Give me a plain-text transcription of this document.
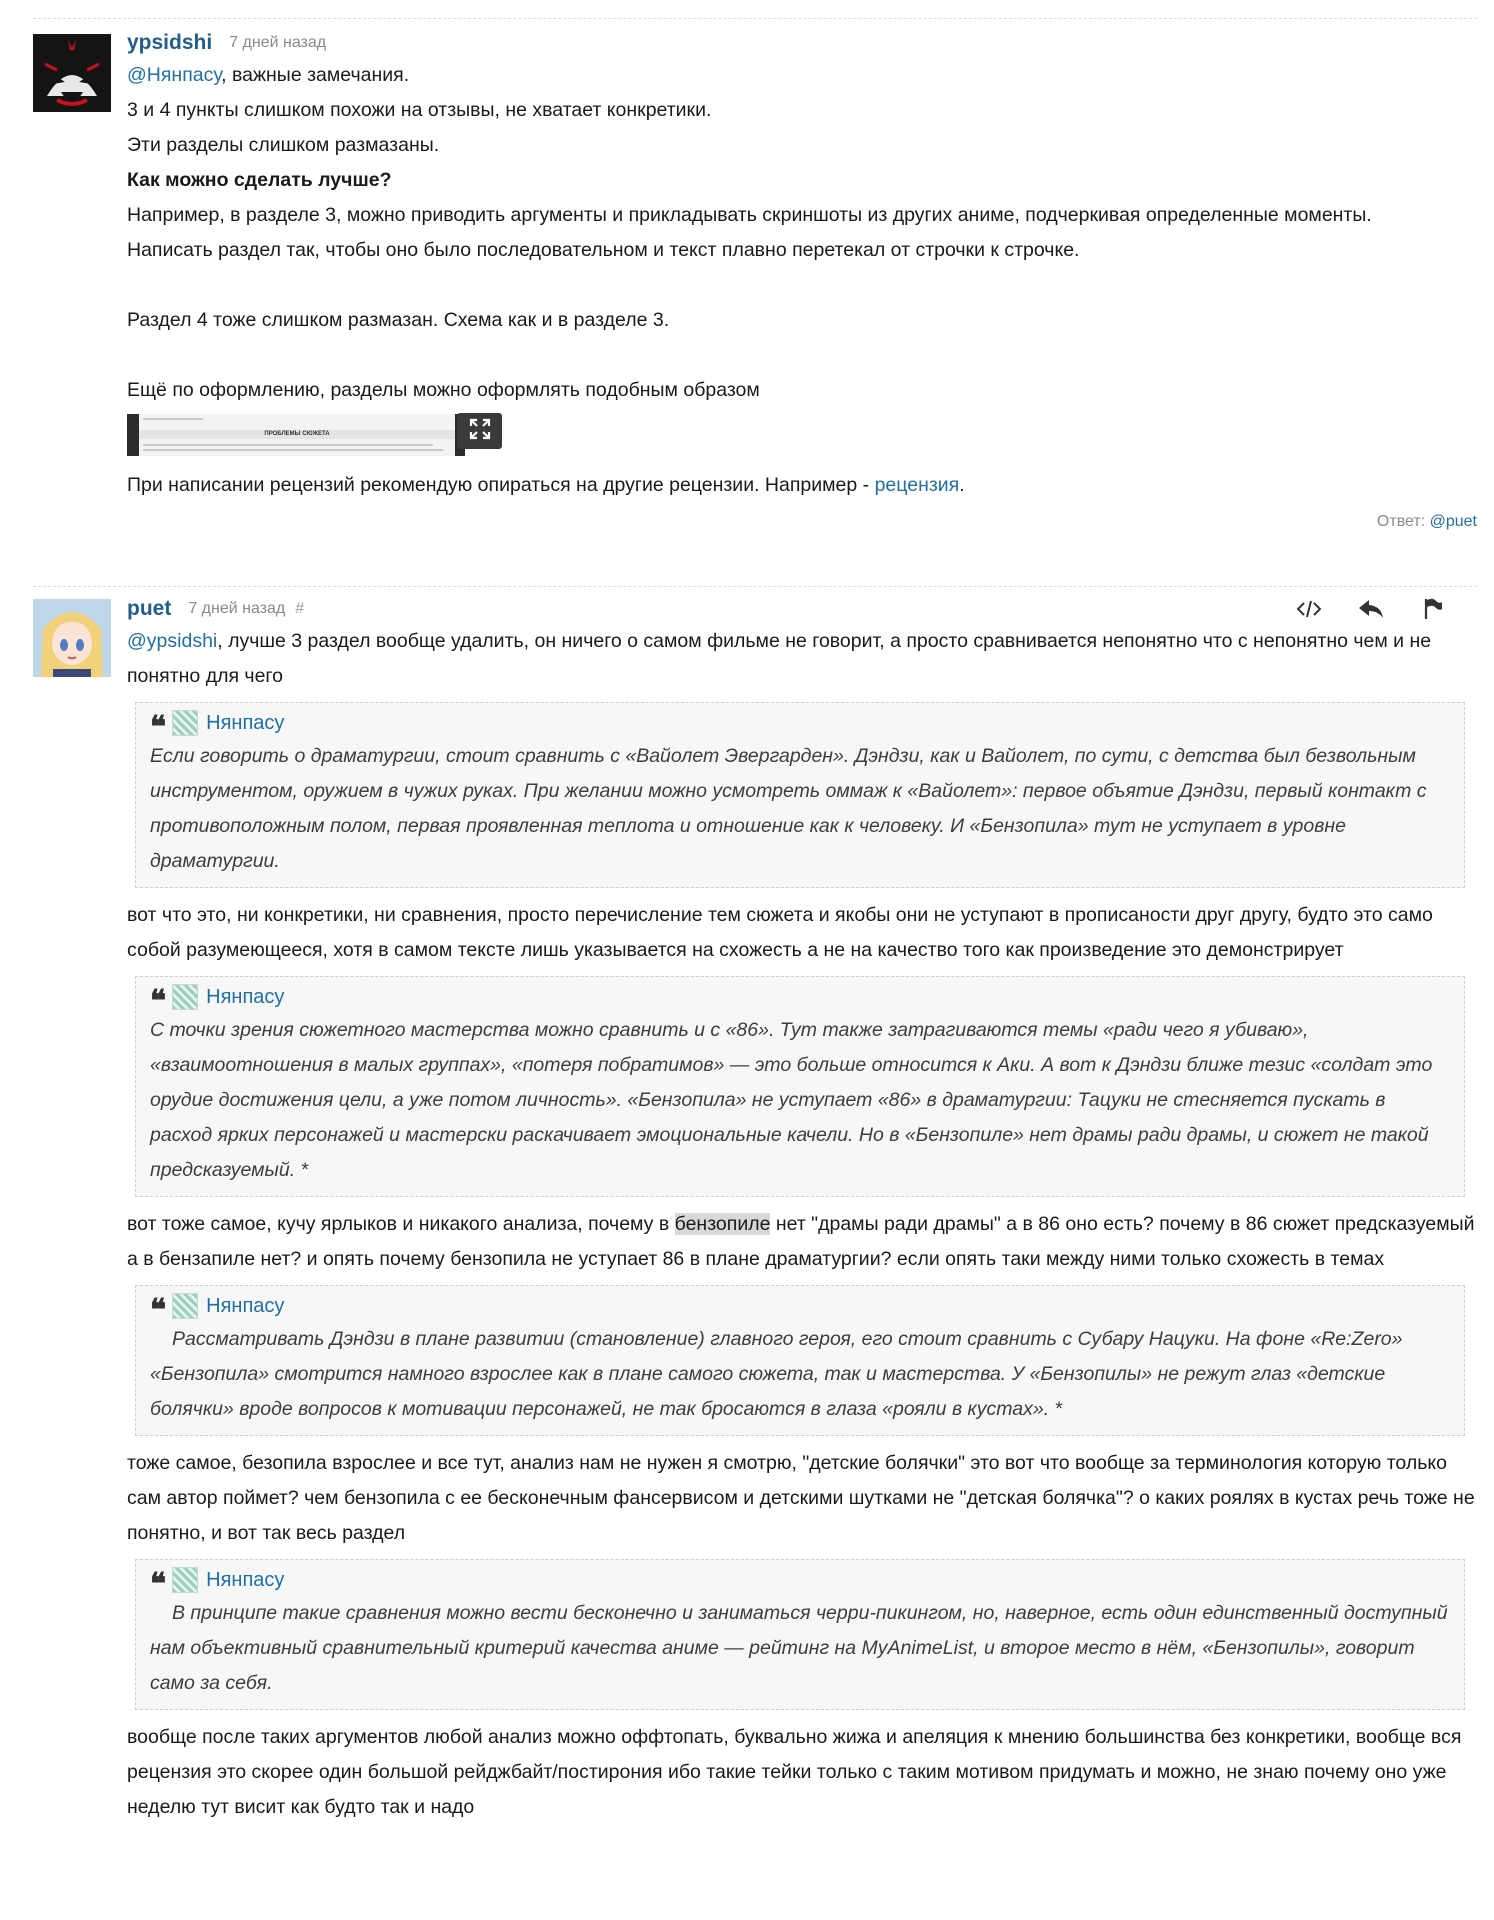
ypsidshi 7 дней назад

@Нянпасу, важные замечания.

3 и 4 пункты слишком похожи на отзывы, не хватает конкретики.

Эти разделы слишком размазаны.

Как можно сделать лучше?

Например, в разделе 3, можно приводить аргументы и прикладывать скриншоты из других аниме, подчеркивая определенные моменты.

Написать раздел так, чтобы оно было последовательном и текст плавно перетекал от строчки к строчке.

Раздел 4 тоже слишком размазан. Схема как и в разделе 3.

Ещё по оформлению, разделы можно оформлять подобным образом

ПРОБЛЕМЫ СЮЖЕТА

При написании рецензий рекомендую опираться на другие рецензии. Например - рецензия.

Ответ: @puet
puet 7 дней назад #

@ypsidshi, лучше 3 раздел вообще удалить, он ничего о самом фильме не говорит, а просто сравнивается непонятно что с непонятно чем и не понятно для чего

❝ Нянпасу
Если говорить о драматургии, стоит сравнить с «Вайолет Эвергарден». Дэндзи, как и Вайолет, по сути, с детства был безвольным инструментом, оружием в чужих руках. При желании можно усмотреть оммаж к «Вайолет»: первое объятие Дэндзи, первый контакт с противоположным полом, первая проявленная теплота и отношение как к человеку. И «Бензопила» тут не уступает в уровне драматургии.

вот что это, ни конкретики, ни сравнения, просто перечисление тем сюжета и якобы они не уступают в прописаности друг другу, будто это само собой разумеющееся, хотя в самом тексте лишь указывается на схожесть а не на качество того как произведение это демонстрирует

❝ Нянпасу
С точки зрения сюжетного мастерства можно сравнить и с «86». Тут также затрагиваются темы «ради чего я убиваю», «взаимоотношения в малых группах», «потеря побратимов» — это больше относится к Аки. А вот к Дэндзи ближе тезис «солдат это орудие достижения цели, а уже потом личность». «Бензопила» не уступает «86» в драматургии: Тацуки не стесняется пускать в расход ярких персонажей и мастерски раскачивает эмоциональные качели. Но в «Бензопиле» нет драмы ради драмы, и сюжет не такой предсказуемый. *

вот тоже самое, кучу ярлыков и никакого анализа, почему в бензопиле нет "драмы ради драмы" а в 86 оно есть? почему в 86 сюжет предсказуемый а в бензапиле нет? и опять почему бензопила не уступает 86 в плане драматургии? если опять таки между ними только схожесть в темах

❝ Нянпасу
Рассматривать Дэндзи в плане развитии (становление) главного героя, его стоит сравнить с Субару Нацуки. На фоне «Re:Zero» «Бензопила» смотрится намного взрослее как в плане самого сюжета, так и мастерства. У «Бензопилы» не режут глаз «детские болячки» вроде вопросов к мотивации персонажей, не так бросаются в глаза «рояли в кустах». *

тоже самое, безопила взрослее и все тут, анализ нам не нужен я смотрю, "детские болячки" это вот что вообще за терминология которую только сам автор поймет? чем бензопила с ее бесконечным фансервисом и детскими шутками не "детская болячка"? о каких роялях в кустах речь тоже не понятно, и вот так весь раздел

❝ Нянпасу
В принципе такие сравнения можно вести бесконечно и заниматься черри-пикингом, но, наверное, есть один единственный доступный нам объективный сравнительный критерий качества аниме — рейтинг на MyAnimeList, и второе место в нём, «Бензопилы», говорит само за себя.

вообще после таких аргументов любой анализ можно оффтопать, буквально жижа и апеляция к мнению большинства без конкретики, вообще вся рецензия это скорее один большой рейджбайт/постирония ибо такие тейки только с таким мотивом придумать и можно, не знаю почему оно уже неделю тут висит как будто так и надо
